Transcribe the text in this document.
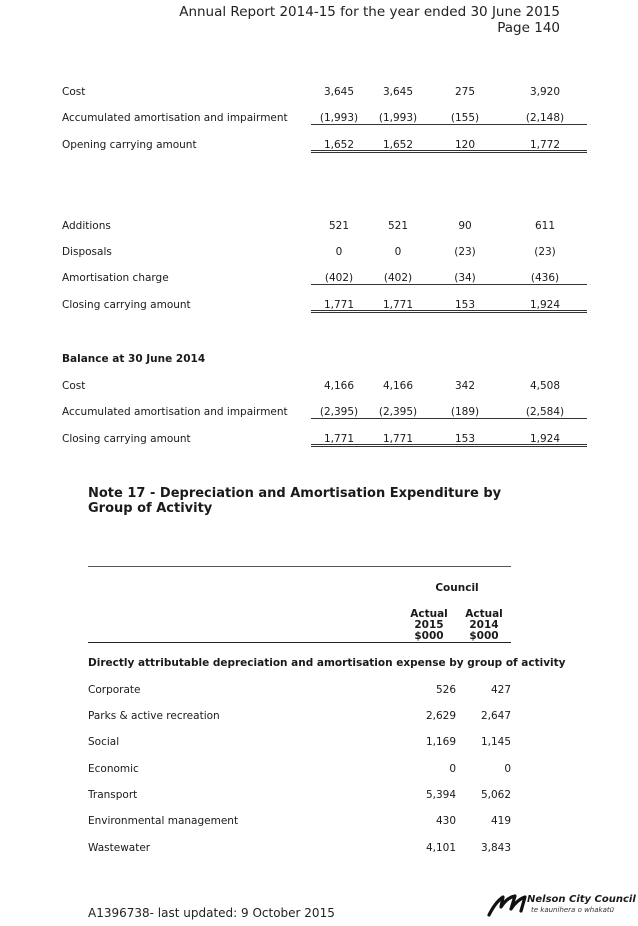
Annual Report 2014-15 for the year ended 30 June 2015
Page 140
Cost	3,645	3,645	275	3,920
Accumulated amortisation and impairment	(1,993)	(1,993)	(155)	(2,148)
Opening carrying amount	1,652	1,652	120	1,772
Additions	521	521	90	611
Disposals	0	0	(23)	(23)
Amortisation charge	(402)	(402)	(34)	(436)
Closing carrying amount	1,771	1,771	153	1,924
Balance at 30 June 2014
Cost	4,166	4,166	342	4,508
Accumulated amortisation and impairment	(2,395)	(2,395)	(189)	(2,584)
Closing carrying amount	1,771	1,771	153	1,924
Note 17 - Depreciation and Amortisation Expenditure by Group of Activity
Council
Actual
2015
$000
Actual
2014
$000
Directly attributable depreciation and amortisation expense by group of activity
Corporate	526	427
Parks & active recreation	2,629	2,647
Social	1,169	1,145
Economic	0	0
Transport	5,394	5,062
Environmental management	430	419
Wastewater	4,101	3,843
A1396738- last updated: 9 October 2015
Nelson City Council
te kaunihera o whakatū
